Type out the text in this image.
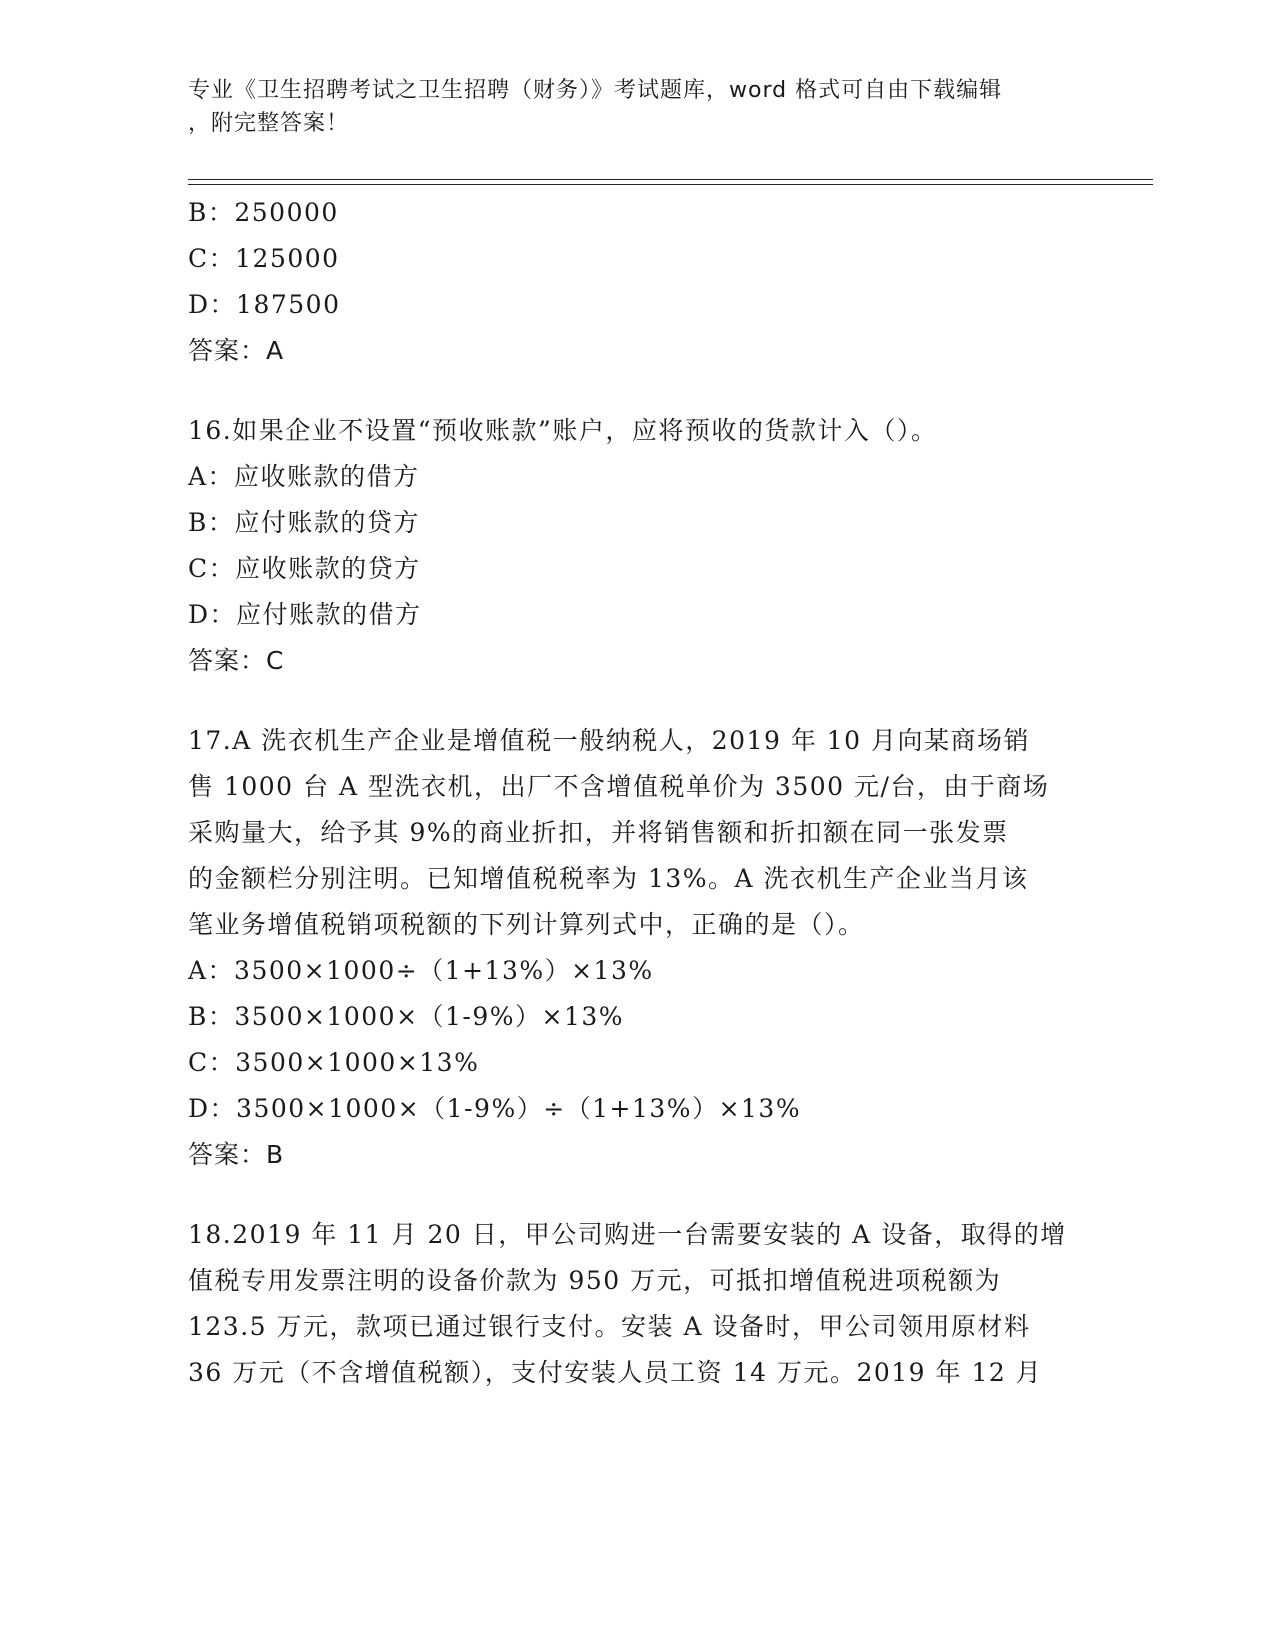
专业《卫生招聘考试之卫生招聘（财务）》考试题库，word 格式可自由下载编辑
，附完整答案！
B：250000
C：125000
D：187500
答案：A
16.如果企业不设置“预收账款”账户，应将预收的货款计入（）。
A：应收账款的借方
B：应付账款的贷方
C：应收账款的贷方
D：应付账款的借方
答案：C
17.A 洗衣机生产企业是增值税一般纳税人，2019 年 10 月向某商场销
售 1000 台 A 型洗衣机，出厂不含增值税单价为 3500 元/台，由于商场
采购量大，给予其 9%的商业折扣，并将销售额和折扣额在同一张发票
的金额栏分别注明。已知增值税税率为 13%。A 洗衣机生产企业当月该
笔业务增值税销项税额的下列计算列式中，正确的是（）。
A：3500×1000÷（1+13%）×13%
B：3500×1000×（1-9%）×13%
C：3500×1000×13%
D：3500×1000×（1-9%）÷（1+13%）×13%
答案：B
18.2019 年 11 月 20 日，甲公司购进一台需要安装的 A 设备，取得的增
值税专用发票注明的设备价款为 950 万元，可抵扣增值税进项税额为
123.5 万元，款项已通过银行支付。安装 A 设备时，甲公司领用原材料
36 万元（不含增值税额），支付安装人员工资 14 万元。2019 年 12 月
